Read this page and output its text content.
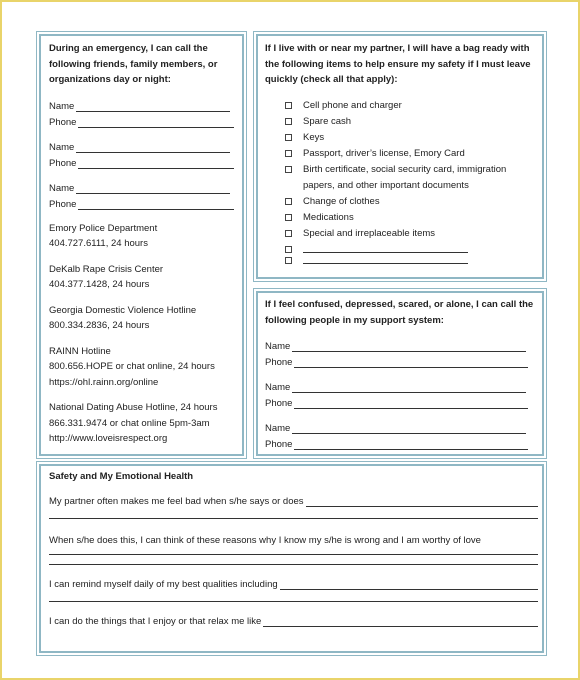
During an emergency, I can call the following friends, family members, or organizations day or night:
Name
Phone
Name
Phone
Name
Phone
Emory Police Department
404.727.6111, 24 hours
DeKalb Rape Crisis Center
404.377.1428, 24 hours
Georgia Domestic Violence Hotline
800.334.2836, 24 hours
RAINN Hotline
800.656.HOPE or chat online, 24 hours
https://ohl.rainn.org/online
National Dating Abuse Hotline, 24 hours
866.331.9474 or chat online 5pm-3am
http://www.loveisrespect.org
If I live with or near my partner, I will have a bag ready with the following items to help ensure my safety if I must leave quickly (check all that apply):
Cell phone and charger
Spare cash
Keys
Passport, driver’s license, Emory Card
Birth certificate, social security card, immigration
papers, and other important documents
Change of clothes
Medications
Special and irreplaceable items
If I feel confused, depressed, scared, or alone, I can call the following people in my support system:
Name
Phone
Name
Phone
Name
Phone
Safety and My Emotional Health
My partner often makes me feel bad when s/he says or does
When s/he does this, I can think of these reasons why I know my s/he is wrong and I am worthy of love
I can remind myself daily of my best qualities including
I can do the things that I enjoy or that relax me like
